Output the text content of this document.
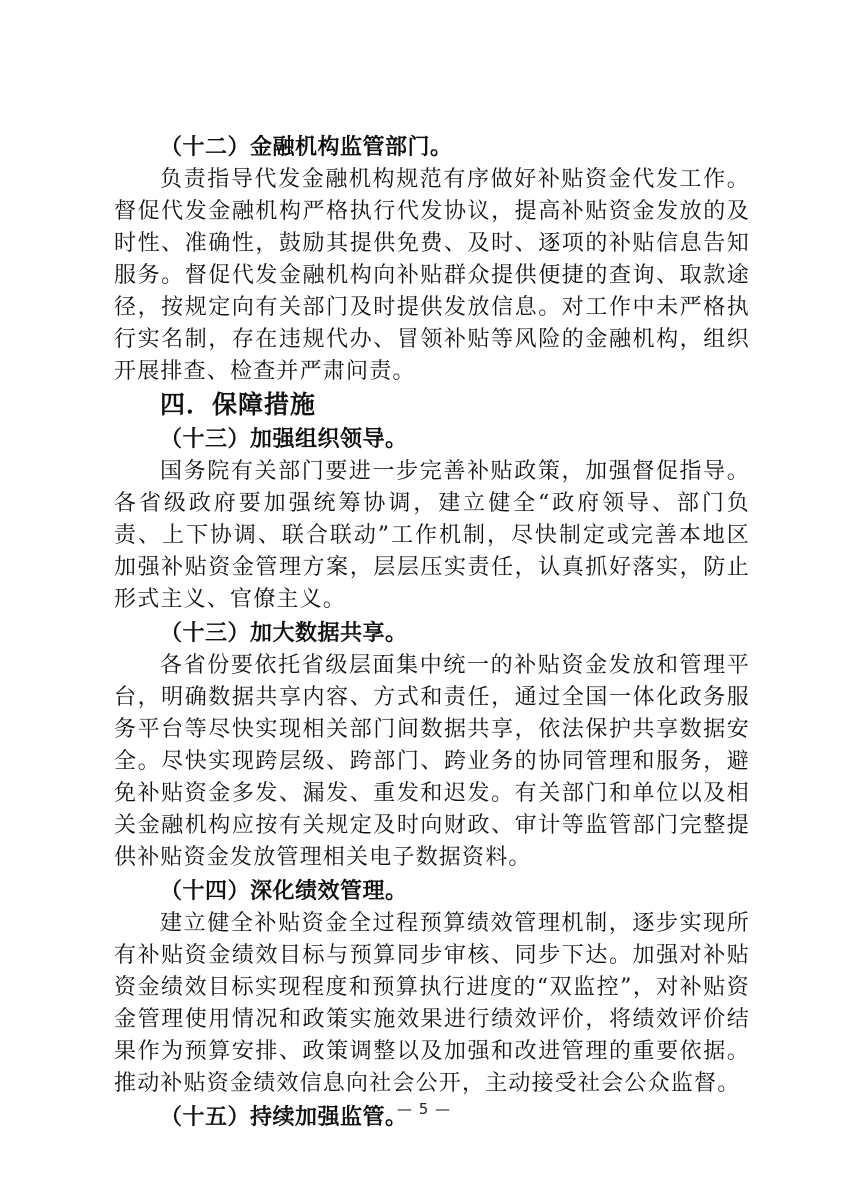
（十二）金融机构监管部门。

负责指导代发金融机构规范有序做好补贴资金代发工作。督促代发金融机构严格执行代发协议，提高补贴资金发放的及时性、准确性，鼓励其提供免费、及时、逐项的补贴信息告知服务。督促代发金融机构向补贴群众提供便捷的查询、取款途径，按规定向有关部门及时提供发放信息。对工作中未严格执行实名制，存在违规代办、冒领补贴等风险的金融机构，组织开展排查、检查并严肃问责。

四．保障措施
（十三）加强组织领导。

国务院有关部门要进一步完善补贴政策，加强督促指导。各省级政府要加强统筹协调，建立健全“政府领导、部门负责、上下协调、联合联动”工作机制，尽快制定或完善本地区加强补贴资金管理方案，层层压实责任，认真抓好落实，防止形式主义、官僚主义。

（十三）加大数据共享。

各省份要依托省级层面集中统一的补贴资金发放和管理平台，明确数据共享内容、方式和责任，通过全国一体化政务服务平台等尽快实现相关部门间数据共享，依法保护共享数据安全。尽快实现跨层级、跨部门、跨业务的协同管理和服务，避免补贴资金多发、漏发、重发和迟发。有关部门和单位以及相关金融机构应按有关规定及时向财政、审计等监管部门完整提供补贴资金发放管理相关电子数据资料。

（十四）深化绩效管理。

建立健全补贴资金全过程预算绩效管理机制，逐步实现所有补贴资金绩效目标与预算同步审核、同步下达。加强对补贴资金绩效目标实现程度和预算执行进度的“双监控”，对补贴资金管理使用情况和政策实施效果进行绩效评价，将绩效评价结果作为预算安排、政策调整以及加强和改进管理的重要依据。推动补贴资金绩效信息向社会公开，主动接受社会公众监督。

（十五）持续加强监管。
— 5 —
